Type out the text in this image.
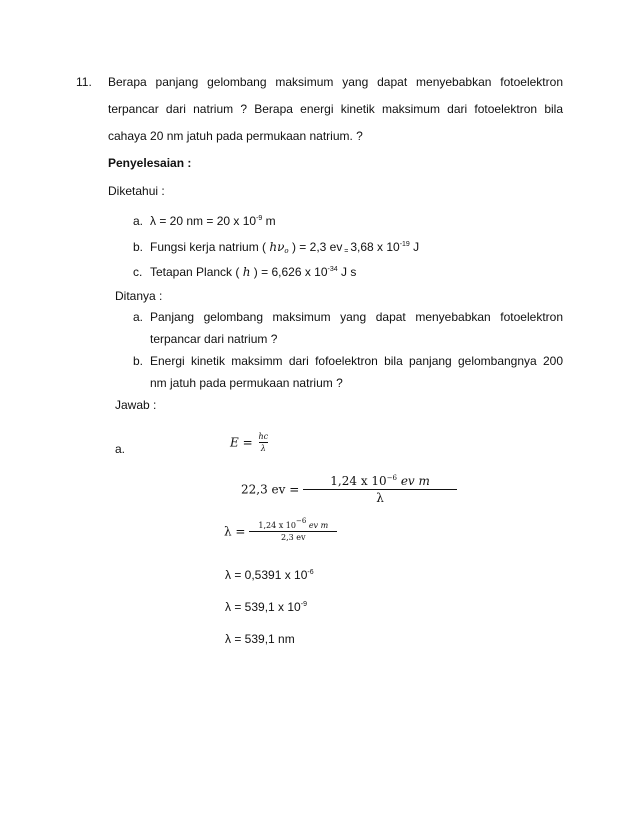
11. Berapa panjang gelombang maksimum yang dapat menyebabkan fotoelektron
terpancar dari natrium ? Berapa energi kinetik maksimum dari fotoelektron bila
cahaya 20 nm jatuh pada permukaan natrium. ?
Penyelesaian :
Diketahui :
a. λ = 20 nm = 20 x $10^{-9}$ m
b. Fungsi kerja natrium ( $h\nu_o$ ) = 2,3 ev $_=$ 3,68 x $10^{-19}$ J
c. Tetapan Planck ( h ) = 6,626 x $10^{-34}$ J s
Ditanya :
a. Panjang gelombang maksimum yang dapat menyebabkan fotoelektron
terpancar dari natrium ?
b. Energi kinetik maksimm dari fofoelektron bila panjang gelombangnya 200
nm jatuh pada permukaan natrium ?
Jawab :
a.	$E = \frac{hc}{\lambda}$
22,3 ev = $\frac{1,24 x 10^{-6} ev m}{\lambda}$
$\lambda = \frac{1,24 x 10^{-6} ev m}{2,3 ev}$
λ = 0,5391 x $10^{-6}$
λ = 539,1 x $10^{-9}$
λ = 539,1 nm
